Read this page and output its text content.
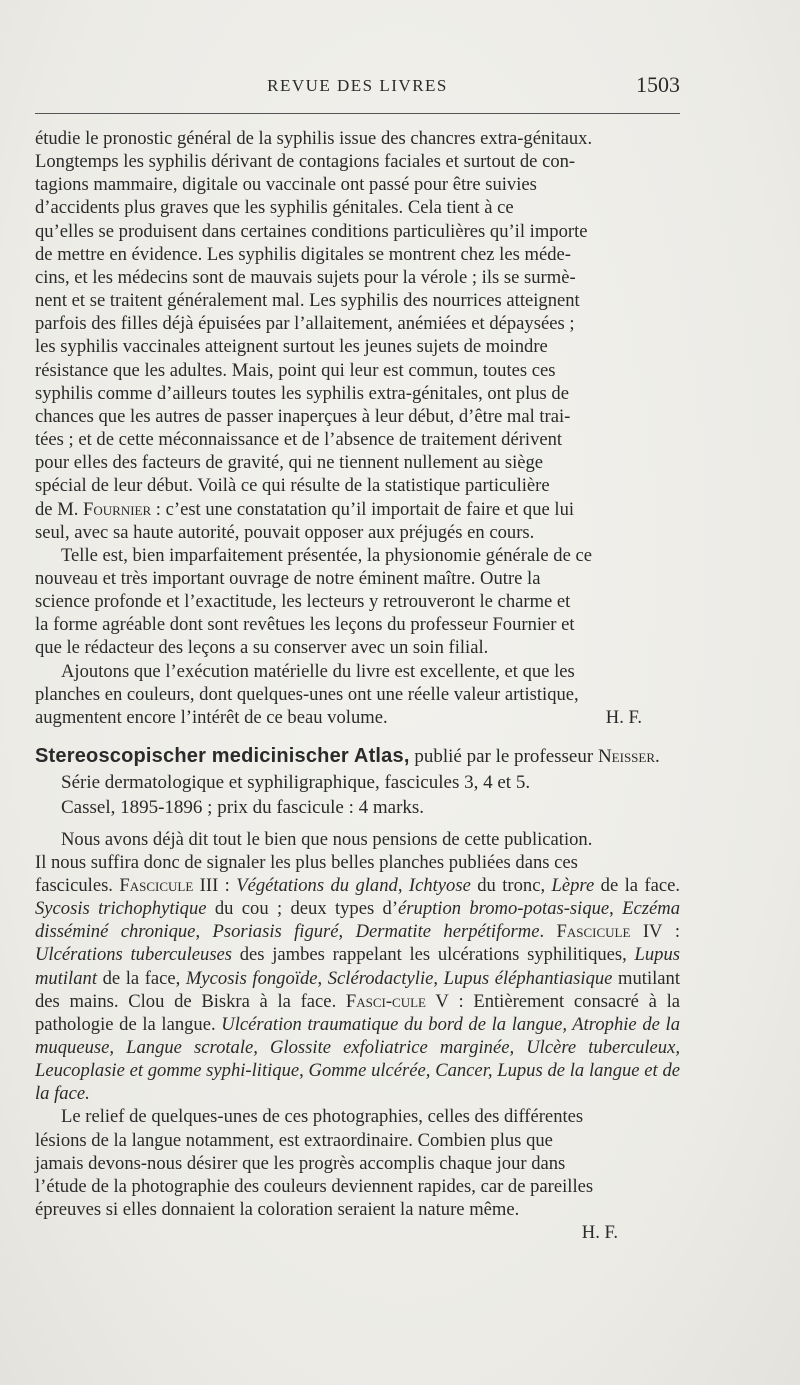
REVUE DES LIVRES	1503

étudie le pronostic général de la syphilis issue des chancres extra-génitaux.

Longtemps les syphilis dérivant de contagions faciales et surtout de con-

tagions mammaire, digitale ou vaccinale ont passé pour être suivies

d’accidents plus graves que les syphilis génitales. Cela tient à ce

qu’elles se produisent dans certaines conditions particulières qu’il importe

de mettre en évidence. Les syphilis digitales se montrent chez les méde-

cins, et les médecins sont de mauvais sujets pour la vérole ; ils se surmè-

nent et se traitent généralement mal. Les syphilis des nourrices atteignent

parfois des filles déjà épuisées par l’allaitement, anémiées et dépaysées ;

les syphilis vaccinales atteignent surtout les jeunes sujets de moindre

résistance que les adultes. Mais, point qui leur est commun, toutes ces

syphilis comme d’ailleurs toutes les syphilis extra-génitales, ont plus de

chances que les autres de passer inaperçues à leur début, d’être mal trai-

tées ; et de cette méconnaissance et de l’absence de traitement dérivent

pour elles des facteurs de gravité, qui ne tiennent nullement au siège

spécial de leur début. Voilà ce qui résulte de la statistique particulière

de M. Fournier : c’est une constatation qu’il importait de faire et que lui

seul, avec sa haute autorité, pouvait opposer aux préjugés en cours.

Telle est, bien imparfaitement présentée, la physionomie générale de ce

nouveau et très important ouvrage de notre éminent maître. Outre la

science profonde et l’exactitude, les lecteurs y retrouveront le charme et

la forme agréable dont sont revêtues les leçons du professeur Fournier et

que le rédacteur des leçons a su conserver avec un soin filial.

Ajoutons que l’exécution matérielle du livre est excellente, et que les

planches en couleurs, dont quelques-unes ont une réelle valeur artistique,

augmentent encore l’intérêt de ce beau volume.	H. F.

Stereoscopischer medicinischer Atlas, publié par le professeur Neisser.
Série dermatologique et syphiligraphique, fascicules 3, 4 et 5.
Cassel, 1895-1896 ; prix du fascicule : 4 marks.

Nous avons déjà dit tout le bien que nous pensions de cette publication.

Il nous suffira donc de signaler les plus belles planches publiées dans ces

fascicules. Fascicule III : Végétations du gland, Ichtyose du tronc, Lèpre de la face. Sycosis trichophytique du cou ; deux types d’éruption bromo-potas-sique, Eczéma disséminé chronique, Psoriasis figuré, Dermatite herpétiforme. Fascicule IV : Ulcérations tuberculeuses des jambes rappelant les ulcérations syphilitiques, Lupus mutilant de la face, Mycosis fongoïde, Sclérodactylie, Lupus éléphantiasique mutilant des mains. Clou de Biskra à la face. Fasci-cule V : Entièrement consacré à la pathologie de la langue. Ulcération traumatique du bord de la langue, Atrophie de la muqueuse, Langue scrotale, Glossite exfoliatrice marginée, Ulcère tuberculeux, Leucoplasie et gomme syphi-litique, Gomme ulcérée, Cancer, Lupus de la langue et de la face.

Le relief de quelques-unes de ces photographies, celles des différentes

lésions de la langue notamment, est extraordinaire. Combien plus que

jamais devons-nous désirer que les progrès accomplis chaque jour dans

l’étude de la photographie des couleurs deviennent rapides, car de pareilles

épreuves si elles donnaient la coloration seraient la nature même.

H. F.
